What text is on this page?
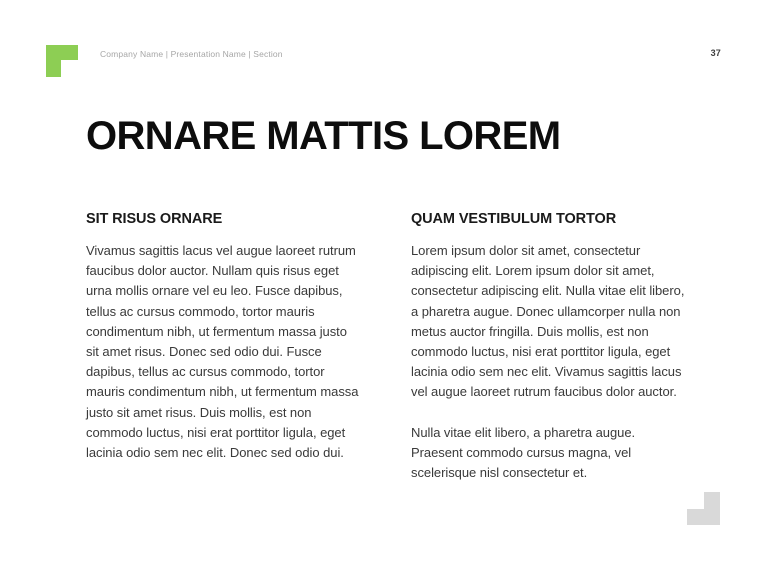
Company Name | Presentation Name | Section	37
ORNARE MATTIS LOREM
SIT RISUS ORNARE

Vivamus sagittis lacus vel augue laoreet rutrum faucibus dolor auctor. Nullam quis risus eget urna mollis ornare vel eu leo. Fusce dapibus, tellus ac cursus commodo, tortor mauris condimentum nibh, ut fermentum massa justo sit amet risus. Donec sed odio dui. Fusce dapibus, tellus ac cursus commodo, tortor mauris condimentum nibh, ut fermentum massa justo sit amet risus. Duis mollis, est non commodo luctus, nisi erat porttitor ligula, eget lacinia odio sem nec elit. Donec sed odio dui.

QUAM VESTIBULUM TORTOR

Lorem ipsum dolor sit amet, consectetur adipiscing elit. Lorem ipsum dolor sit amet, consectetur adipiscing elit. Nulla vitae elit libero, a pharetra augue. Donec ullamcorper nulla non metus auctor fringilla. Duis mollis, est non commodo luctus, nisi erat porttitor ligula, eget lacinia odio sem nec elit. Vivamus sagittis lacus vel augue laoreet rutrum faucibus dolor auctor.

Nulla vitae elit libero, a pharetra augue. Praesent commodo cursus magna, vel scelerisque nisl consectetur et.
